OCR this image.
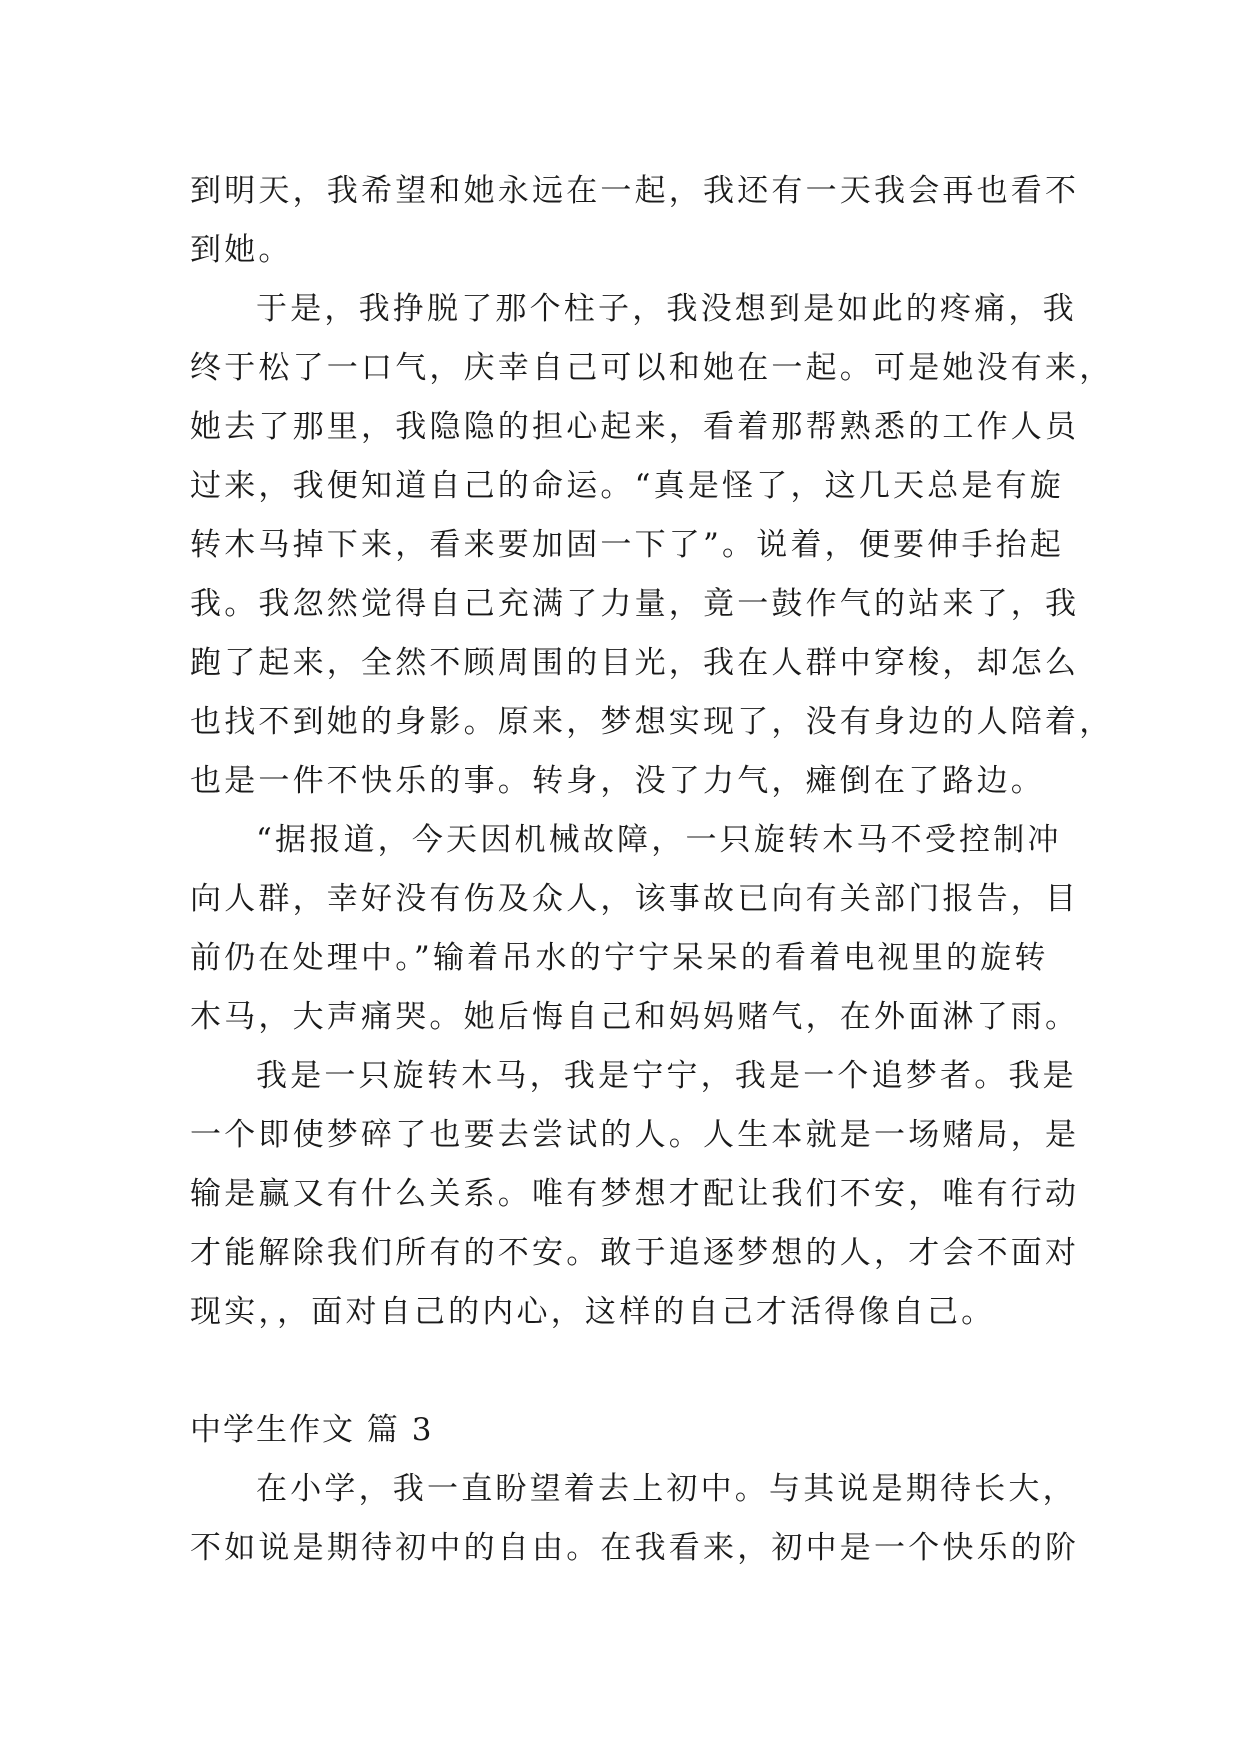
到明天，我希望和她永远在一起，我还有一天我会再也看不
到她。
于是，我挣脱了那个柱子，我没想到是如此的疼痛，我
终于松了一口气，庆幸自己可以和她在一起。可是她没有来，
她去了那里，我隐隐的担心起来，看着那帮熟悉的工作人员
过来，我便知道自己的命运。“真是怪了，这几天总是有旋
转木马掉下来，看来要加固一下了”。说着，便要伸手抬起
我。我忽然觉得自己充满了力量，竟一鼓作气的站来了，我
跑了起来，全然不顾周围的目光，我在人群中穿梭，却怎么
也找不到她的身影。原来，梦想实现了，没有身边的人陪着，
也是一件不快乐的事。转身，没了力气，瘫倒在了路边。
“据报道，今天因机械故障，一只旋转木马不受控制冲
向人群，幸好没有伤及众人，该事故已向有关部门报告，目
前仍在处理中。”输着吊水的宁宁呆呆的看着电视里的旋转
木马，大声痛哭。她后悔自己和妈妈赌气，在外面淋了雨。
我是一只旋转木马，我是宁宁，我是一个追梦者。我是
一个即使梦碎了也要去尝试的人。人生本就是一场赌局，是
输是赢又有什么关系。唯有梦想才配让我们不安，唯有行动
才能解除我们所有的不安。敢于追逐梦想的人，才会不面对
现实，，面对自己的内心，这样的自己才活得像自己。
中学生作文 篇 3
在小学，我一直盼望着去上初中。与其说是期待长大，
不如说是期待初中的自由。在我看来，初中是一个快乐的阶
